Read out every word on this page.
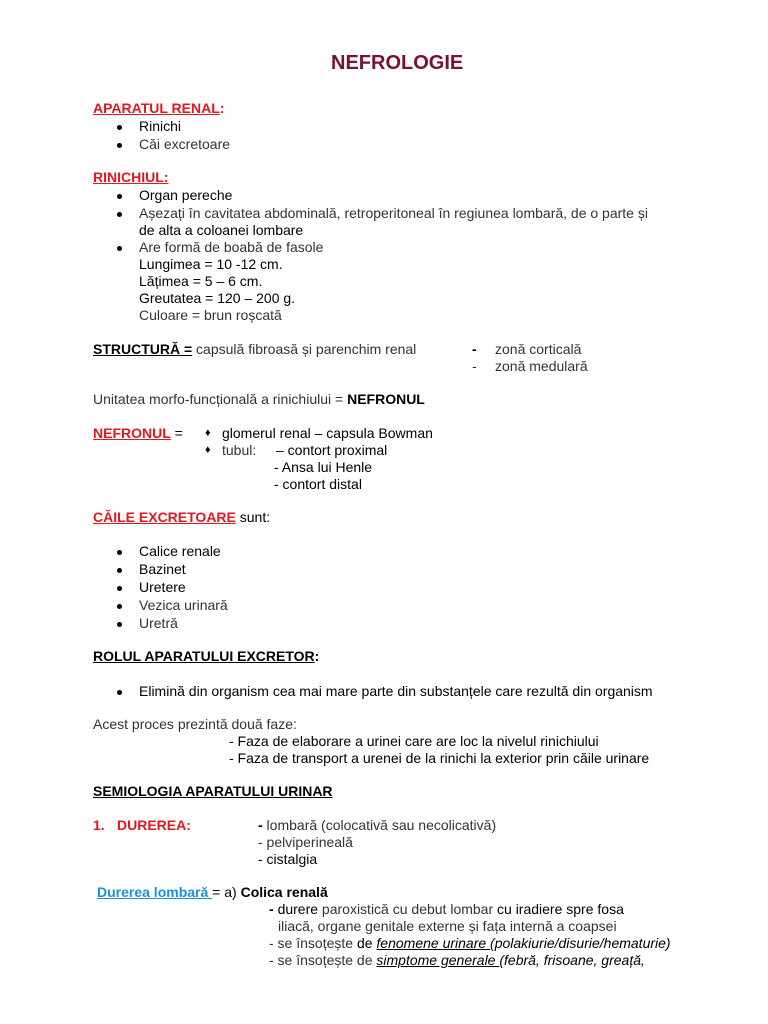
NEFROLOGIE
APARATUL RENAL:
Rinichi
Căi excretoare
RINICHIUL:
Organ pereche
Așezați în cavitatea abdominală, retroperitoneal în regiunea lombară, de o parte și
de alta a coloanei lombare
Are formă de boabă de fasole
Lungimea = 10 -12 cm.
Lățimea = 5 – 6 cm.
Greutatea = 120 – 200 g.
Culoare = brun roșcată
STRUCTURĂ = capsulă fibroasă și parenchim renal	- zonă corticală
- zonă medulară
Unitatea morfo-funcțională a rinichiului = NEFRONUL
NEFRONUL = ♦ glomerul renal – capsula Bowman
♦ tubul: – contort proximal
- Ansa lui Henle
- contort distal
CĂILE EXCRETOARE sunt:
Calice renale
Bazinet
Uretere
Vezica urinară
Uretră
ROLUL APARATULUI EXCRETOR:
Elimină din organism cea mai mare parte din substanțele care rezultă din organism
Acest proces prezintă două faze:
- Faza de elaborare a urinei care are loc la nivelul rinichiului
- Faza de transport a urenei de la rinichi la exterior prin căile urinare
SEMIOLOGIA APARATULUI URINAR
1. DUREREA:	- lombară (colocativă sau necolicativă)
- pelviperineală
- cistalgia
Durerea lombară = a) Colica renală
- durere paroxistică cu debut lombar cu iradiere spre fosa
iliacă, organe genitale externe și fața internă a coapsei
- se însoțește de fenomene urinare (polakiurie/disurie/hematurie)
- se însoțește de simptome generale (febră, frisoane, greață,
